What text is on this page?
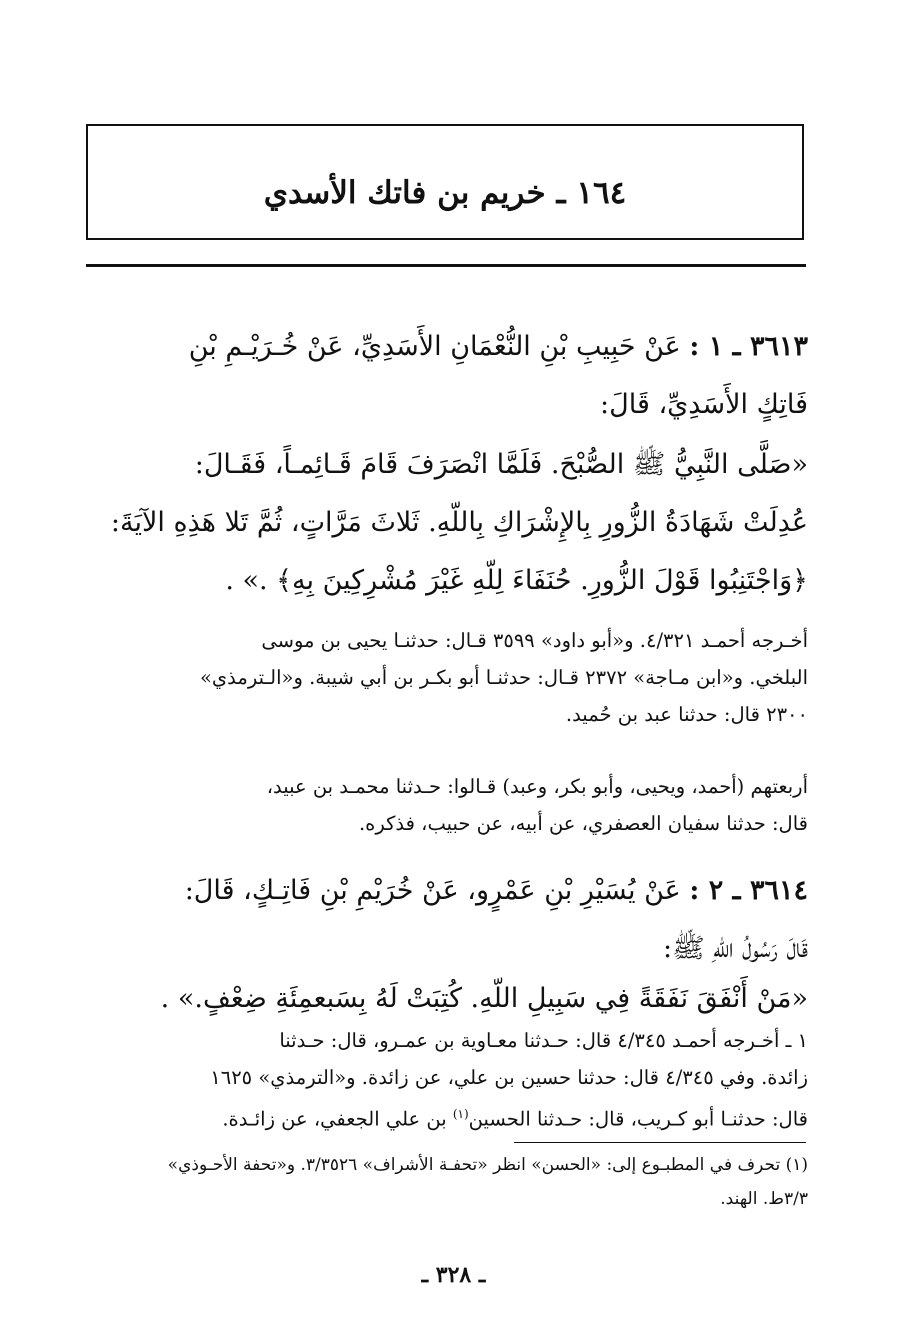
١٦٤ ـ خريم بن فاتك الأسدي
٣٦١٣ ـ ١ : عَنْ حَبِيبِ بْنِ النُّعْمَانِ الأَسَدِيِّ، عَنْ خُـرَيْـمِ بْنِ
فَاتِكٍ الأَسَدِيِّ، قَالَ:
«صَلَّى النَّبِيُّ ﷺ الصُّبْحَ. فَلَمَّا انْصَرَفَ قَامَ قَـائِمـاً، فَقَـالَ:
عُدِلَتْ شَهَادَةُ الزُّورِ بِالإِشْرَاكِ بِاللّهِ. ثَلاثَ مَرَّاتٍ، ثُمَّ تَلا هَذِهِ الآيَةَ:
﴿وَاجْتَنِبُوا قَوْلَ الزُّورِ. حُنَفَاءَ لِلّهِ غَيْرَ مُشْرِكِينَ بِهِ﴾ .» .
أخـرجه أحمـد ٤/٣٢١. و«أبو داود» ٣٥٩٩ قـال: حدثنـا يحيى بن موسى
البلخي. و«ابن مـاجة» ٢٣٧٢ قـال: حدثنـا أبو بكـر بن أبي شيبة. و«الـترمذي»
٢٣٠٠ قال: حدثنا عبد بن حُميد.
أربعتهم (أحمد، ويحيى، وأبو بكر، وعبد) قـالوا: حـدثنا محمـد بن عبيد،
قال: حدثنا سفيان العصفري، عن أبيه، عن حبيب، فذكره.
٣٦١٤ ـ ٢ : عَنْ يُسَيْرِ بْنِ عَمْرٍو، عَنْ خُرَيْمِ بْنِ فَاتِـكٍ، قَالَ:
قَالَ رَسُولُ اللّهِ ﷺ:
«مَنْ أَنْفَقَ نَفَقَةً فِي سَبِيلِ اللّهِ. كُتِبَتْ لَهُ بِسَبعمِئَةِ ضِعْفٍ.» .
١ ـ أخـرجه أحمـد ٤/٣٤٥ قال: حـدثنا معـاوية بن عمـرو، قال: حـدثنا
زائدة. وفي ٤/٣٤٥ قال: حدثنا حسين بن علي، عن زائدة. و«الترمذي» ١٦٢٥
قال: حدثنـا أبو كـريب، قال: حـدثنا الحسين$^{(١)}$ بن علي الجعفي، عن زائـدة.
(١) تحرف في المطبـوع إلى: «الحسن» انظر «تحفـة الأشراف» ٣/٣٥٢٦. و«تحفة الأحـوذي»
٣/٣ط. الهند.
ـ ٣٢٨ ـ
